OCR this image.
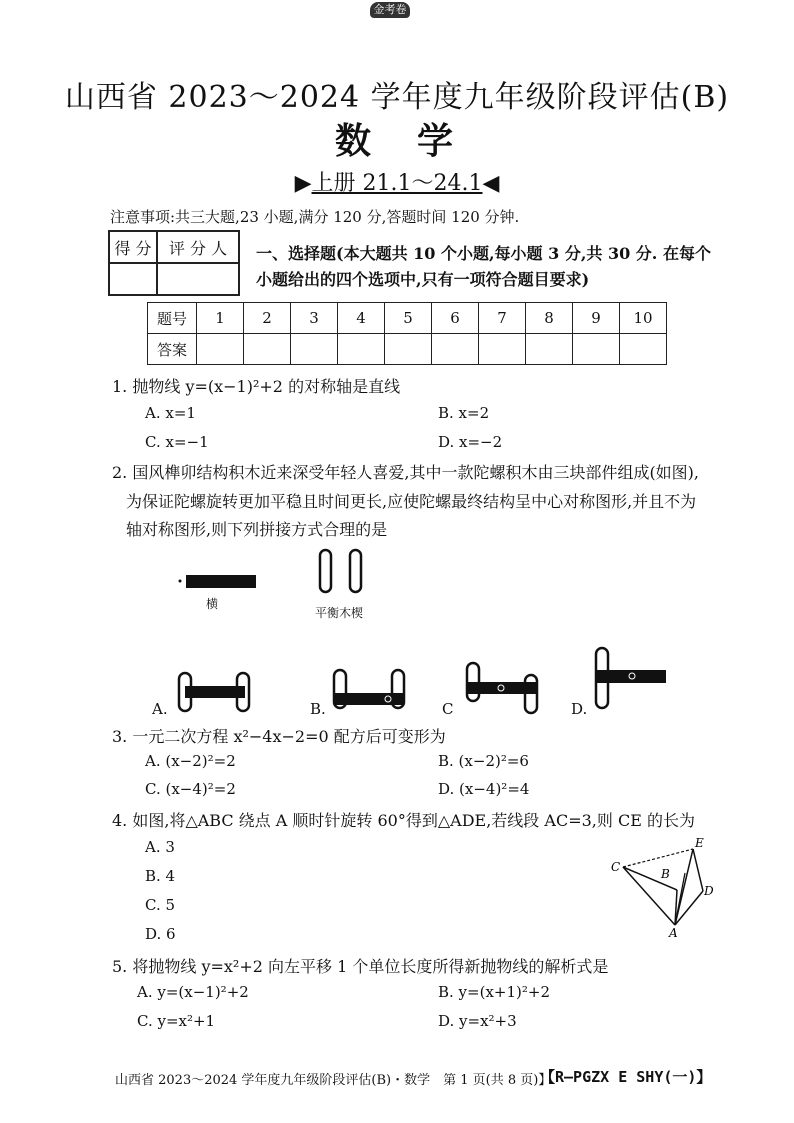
金考卷
山西省 2023～2024 学年度九年级阶段评估(B)
数学
▶上册 21.1～24.1◀
注意事项:共三大题,23 小题,满分 120 分,答题时间 120 分钟.
得 分	评 分 人
	一、选择题(本大题共 10 个小题,每小题 3 分,共 30 分. 在每个小题给出的四个选项中,只有一项符合题目要求)
题号	1	2	3	4	5	6	7	8	9	10
答案										
1. 抛物线 y=(x−1)²+2 的对称轴是直线
A. x=1	B. x=2
C. x=−1	D. x=−2
2. 国风榫卯结构积木近来深受年轻人喜爱,其中一款陀螺积木由三块部件组成(如图),
为保证陀螺旋转更加平稳且时间更长,应使陀螺最终结构呈中心对称图形,并且不为
轴对称图形,则下列拼接方式合理的是
横
平衡木楔
A.	B.	C	D.
3. 一元二次方程 x²−4x−2=0 配方后可变形为
A. (x−2)²=2	B. (x−2)²=6
C. (x−4)²=2	D. (x−4)²=4
4. 如图,将△ABC 绕点 A 顺时针旋转 60°得到△ADE,若线段 AC=3,则 CE 的长为
A. 3
B. 4
C. 5
D. 6
C
E
B
D
A
5. 将抛物线 y=x²+2 向左平移 1 个单位长度所得新抛物线的解析式是
A. y=(x−1)²+2	B. y=(x+1)²+2
C. y=x²+1	D. y=x²+3
山西省 2023～2024 学年度九年级阶段评估(B)・数学　第 1 页(共 8 页)】
【R—PGZX E SHY(一)】
